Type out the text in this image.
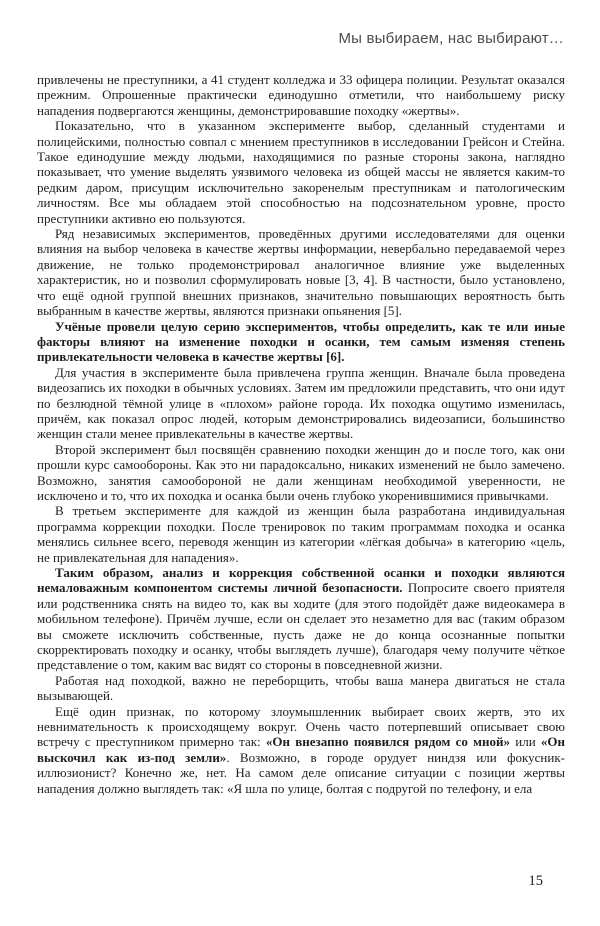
Мы выбираем, нас выбирают…

привлечены не преступники, а 41 студент колледжа и 33 офицера полиции. Результат оказался прежним. Опрошенные практически единодушно отметили, что наибольшему риску нападения подвергаются женщины, демонстрировавшие походку «жертвы».

Показательно, что в указанном эксперименте выбор, сделанный студентами и полицейскими, полностью совпал с мнением преступников в исследовании Грейсон и Стейна. Такое единодушие между людьми, находящимися по разные стороны закона, наглядно показывает, что умение выделять уязвимого человека из общей массы не является каким-то редким даром, присущим исключительно закоренелым преступникам и патологическим личностям. Все мы обладаем этой способностью на подсознательном уровне, просто преступники активно ею пользуются.

Ряд независимых экспериментов, проведённых другими исследователями для оценки влияния на выбор человека в качестве жертвы информации, невербально передаваемой через движение, не только продемонстрировал аналогичное влияние уже выделенных характеристик, но и позволил сформулировать новые [3, 4]. В частности, было установлено, что ещё одной группой внешних признаков, значительно повышающих вероятность быть выбранным в качестве жертвы, являются признаки опьянения [5].

Учёные провели целую серию экспериментов, чтобы определить, как те или иные факторы влияют на изменение походки и осанки, тем самым изменяя степень привлекательности человека в качестве жертвы [6].

Для участия в эксперименте была привлечена группа женщин. Вначале была проведена видеозапись их походки в обычных условиях. Затем им предложили представить, что они идут по безлюдной тёмной улице в «плохом» районе города. Их походка ощутимо изменилась, причём, как показал опрос людей, которым демонстрировались видеозаписи, большинство женщин стали менее привлекательны в качестве жертвы.

Второй эксперимент был посвящён сравнению походки женщин до и после того, как они прошли курс самообороны. Как это ни парадоксально, никаких изменений не было замечено. Возможно, занятия самообороной не дали женщинам необходимой уверенности, не исключено и то, что их походка и осанка были очень глубоко укоренившимися привычками.

В третьем эксперименте для каждой из женщин была разработана индивидуальная программа коррекции походки. После тренировок по таким программам походка и осанка менялись сильнее всего, переводя женщин из категории «лёгкая добыча» в категорию «цель, не привлекательная для нападения».

Таким образом, анализ и коррекция собственной осанки и походки являются немаловажным компонентом системы личной безопасности. Попросите своего приятеля или родственника снять на видео то, как вы ходите (для этого подойдёт даже видеокамера в мобильном телефоне). Причём лучше, если он сделает это незаметно для вас (таким образом вы сможете исключить собственные, пусть даже не до конца осознанные попытки скорректировать походку и осанку, чтобы выглядеть лучше), благодаря чему получите чёткое представление о том, каким вас видят со стороны в повседневной жизни.

Работая над походкой, важно не переборщить, чтобы ваша манера двигаться не стала вызывающей.

Ещё один признак, по которому злоумышленник выбирает своих жертв, это их невнимательность к происходящему вокруг. Очень часто потерпевший описывает свою встречу с преступником примерно так: «Он внезапно появился рядом со мной» или «Он выскочил как из-под земли». Возможно, в городе орудует ниндзя или фокусник-иллюзионист? Конечно же, нет. На самом деле описание ситуации с позиции жертвы нападения должно выглядеть так: «Я шла по улице, болтая с подругой по телефону, и ела

15
